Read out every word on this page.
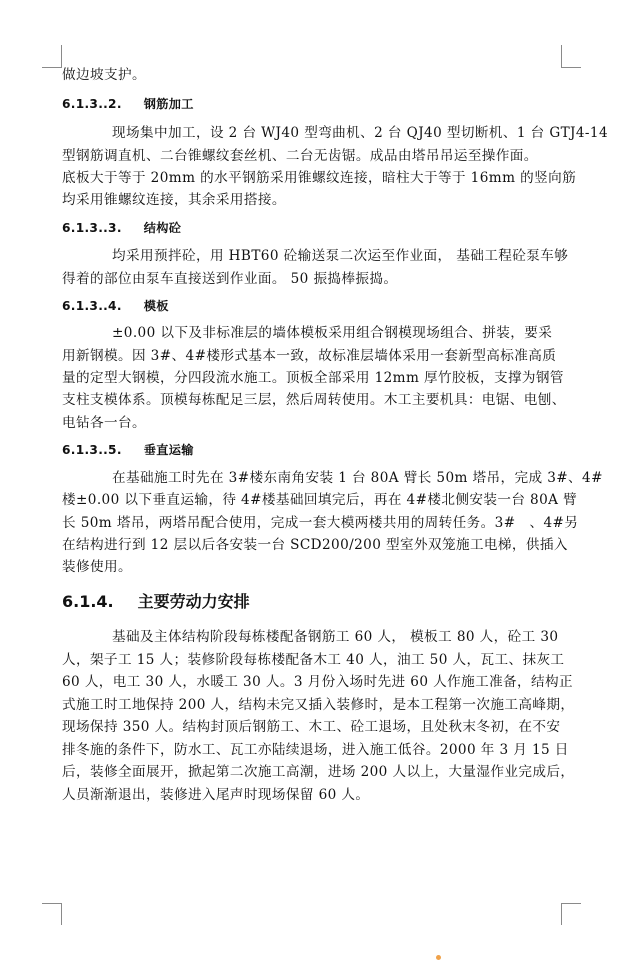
做边坡支护。
6.1.3..2. 钢筋加工
现场集中加工，设 2 台 WJ40 型弯曲机、2 台 QJ40 型切断机、1 台 GTJ4-14
型钢筋调直机、二台锥螺纹套丝机、二台无齿锯。成品由塔吊吊运至操作面。
底板大于等于 20mm 的水平钢筋采用锥螺纹连接，暗柱大于等于 16mm 的竖向筋
均采用锥螺纹连接，其余采用搭接。
6.1.3..3. 结构砼
均采用预拌砼，用 HBT60 砼输送泵二次运至作业面， 基础工程砼泵车够
得着的部位由泵车直接送到作业面。 50 振捣棒振捣。
6.1.3..4. 模板
±0.00 以下及非标准层的墙体模板采用组合钢模现场组合、拼装，要采
用新钢模。因 3#、4#楼形式基本一致，故标准层墙体采用一套新型高标准高质
量的定型大钢模，分四段流水施工。顶板全部采用 12mm 厚竹胶板，支撑为钢管
支柱支模体系。顶模每栋配足三层，然后周转使用。木工主要机具：电锯、电刨、
电钻各一台。
6.1.3..5. 垂直运输
在基础施工时先在 3#楼东南角安装 1 台 80A 臂长 50m 塔吊，完成 3#、4#
楼±0.00 以下垂直运输，待 4#楼基础回填完后，再在 4#楼北侧安装一台 80A 臂
长 50m 塔吊，两塔吊配合使用，完成一套大模两楼共用的周转任务。3#　、4#另
在结构进行到 12 层以后各安装一台 SCD200/200 型室外双笼施工电梯，供插入
装修使用。
6.1.4. 主要劳动力安排
基础及主体结构阶段每栋楼配备钢筋工 60 人， 模板工 80 人，砼工 30
人，架子工 15 人；装修阶段每栋楼配备木工 40 人，油工 50 人，瓦工、抹灰工
60 人，电工 30 人，水暖工 30 人。3 月份入场时先进 60 人作施工准备，结构正
式施工时工地保持 200 人，结构未完又插入装修时，是本工程第一次施工高峰期，
现场保持 350 人。结构封顶后钢筋工、木工、砼工退场，且处秋末冬初，在不安
排冬施的条件下，防水工、瓦工亦陆续退场，进入施工低谷。2000 年 3 月 15 日
后，装修全面展开，掀起第二次施工高潮，进场 200 人以上，大量湿作业完成后，
人员渐渐退出，装修进入尾声时现场保留 60 人。
